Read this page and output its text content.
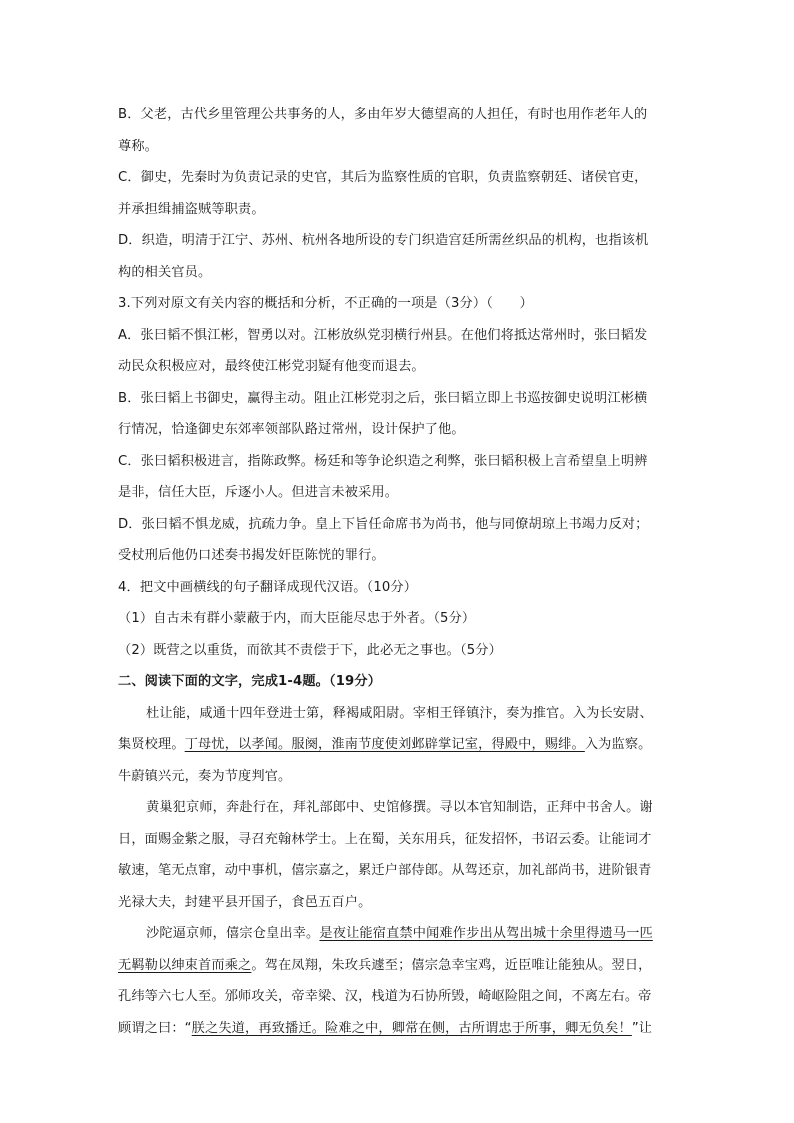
B．父老，古代乡里管理公共事务的人，多由年岁大德望高的人担任，有时也用作老年人的
尊称。
C．御史，先秦时为负责记录的史官，其后为监察性质的官职，负责监察朝廷、诸侯官吏，
并承担缉捕盗贼等职责。
D．织造，明清于江宁、苏州、杭州各地所设的专门织造宫廷所需丝织品的机构，也指该机
构的相关官员。
3.下列对原文有关内容的概括和分析，不正确的一项是（3分）（　　）
A．张曰韬不惧江彬，智勇以对。江彬放纵党羽横行州县。在他们将抵达常州时，张曰韬发
动民众积极应对，最终使江彬党羽疑有他变而退去。
B．张曰韬上书御史，赢得主动。阻止江彬党羽之后，张曰韬立即上书巡按御史说明江彬横
行情况，恰逢御史东郊率领部队路过常州，设计保护了他。
C．张曰韬积极进言，指陈政弊。杨廷和等争论织造之利弊，张曰韬积极上言希望皇上明辨
是非，信任大臣，斥逐小人。但进言未被采用。
D．张曰韬不惧龙威，抗疏力争。皇上下旨任命席书为尚书，他与同僚胡琼上书竭力反对；
受杖刑后他仍口述奏书揭发奸臣陈恍的罪行。
4．把文中画横线的句子翻译成现代汉语。（10分）
（1）自古未有群小蒙蔽于内，而大臣能尽忠于外者。（5分）
（2）既营之以重货，而欲其不责偿于下，此必无之事也。（5分）
二、阅读下面的文字，完成1-4题。（19分）
杜让能，咸通十四年登进士第，释褐咸阳尉。宰相王铎镇汴，奏为推官。入为长安尉、
集贤校理。丁母忧，以孝闻。服阕，淮南节度使刘邺辟掌记室，得殿中，赐绯。入为监察。
牛蔚镇兴元，奏为节度判官。
黄巢犯京师，奔赴行在，拜礼部郎中、史馆修撰。寻以本官知制诰，正拜中书舍人。谢
日，面赐金紫之服，寻召充翰林学士。上在蜀，关东用兵，征发招怀，书诏云委。让能词才
敏速，笔无点窜，动中事机，僖宗嘉之，累迁户部侍郎。从驾还京，加礼部尚书，进阶银青
光禄大夫，封建平县开国子，食邑五百户。
沙陀逼京师，僖宗仓皇出幸。是夜让能宿直禁中闻难作步出从驾出城十余里得遗马一匹
无羁勒以绅束首而乘之。驾在凤翔，朱玫兵遽至；僖宗急幸宝鸡，近臣唯让能独从。翌日，
孔纬等六七人至。邠师攻关，帝幸梁、汉，栈道为石协所毁，崎岖险阻之间，不离左右。帝
顾谓之曰：“朕之失道，再致播迁。险难之中，卿常在侧，古所谓忠于所事，卿无负矣！”让
